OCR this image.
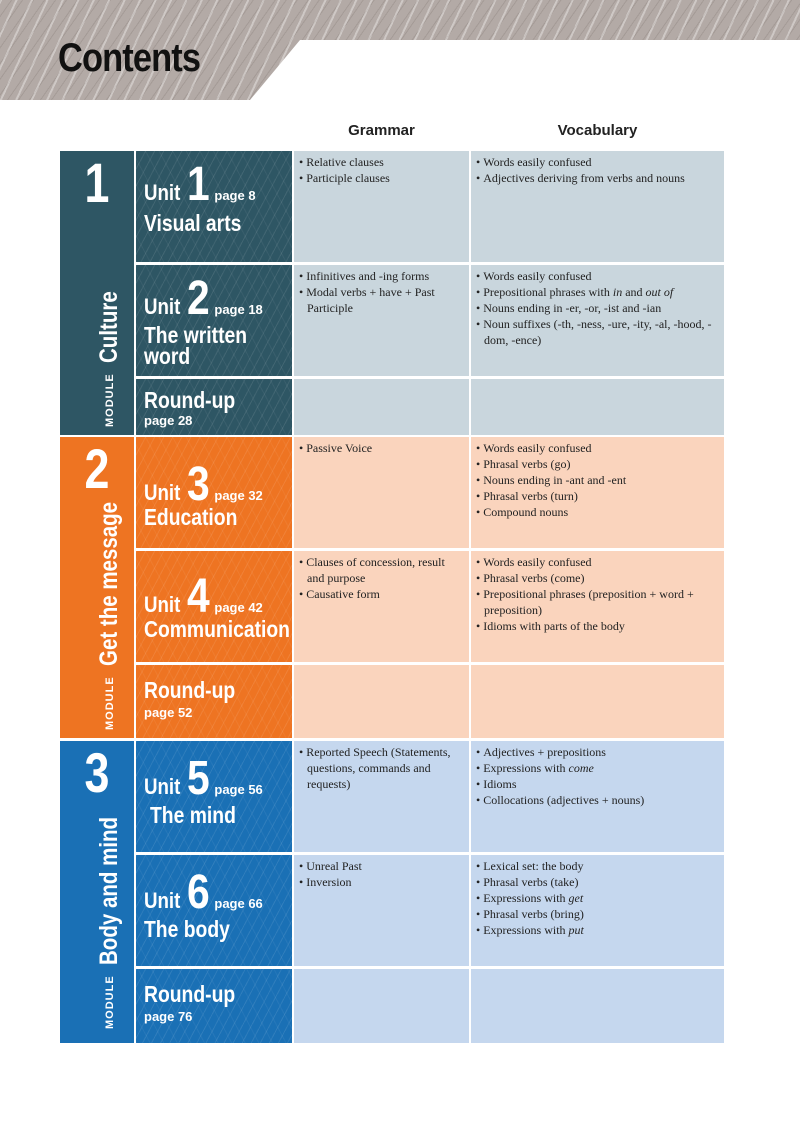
Contents
Grammar	Vocabulary
1
MODULE
Culture
Unit 1 page 8
Visual arts
• Relative clauses
• Participle clauses
• Words easily confused
• Adjectives deriving from verbs and nouns
Unit 2 page 18
The written word
• Infinitives and -ing forms
• Modal verbs + have + Past Participle
• Words easily confused
• Prepositional phrases with in and out of
• Nouns ending in -er, -or, -ist and -ian
• Noun suffixes (-th, -ness, -ure, -ity, -al, -hood, -dom, -ence)
Round-up
page 28
2
MODULE
Get the message
Unit 3 page 32
Education
• Passive Voice
•	Words easily confused
• Phrasal verbs (go)
• Nouns ending in -ant and -ent
• Phrasal verbs (turn)
• Compound nouns
Unit 4 page 42
Communication
• Clauses of concession, result and purpose
• Causative form
• Words easily confused
• Phrasal verbs (come)
• Prepositional phrases (preposition + word + preposition)
• Idioms with parts of the body
Round-up
page 52
3
MODULE
Body and mind
Unit 5 page 56
The mind
• Reported Speech (Statements, questions, commands and requests)
• Adjectives + prepositions
• Expressions with come
• Idioms
• Collocations (adjectives + nouns)
Unit 6 page 66
The body
• Unreal Past
• Inversion
• Lexical set: the body
• Phrasal verbs (take)
• Expressions with get
• Phrasal verbs (bring)
• Expressions with put
Round-up
page 76
